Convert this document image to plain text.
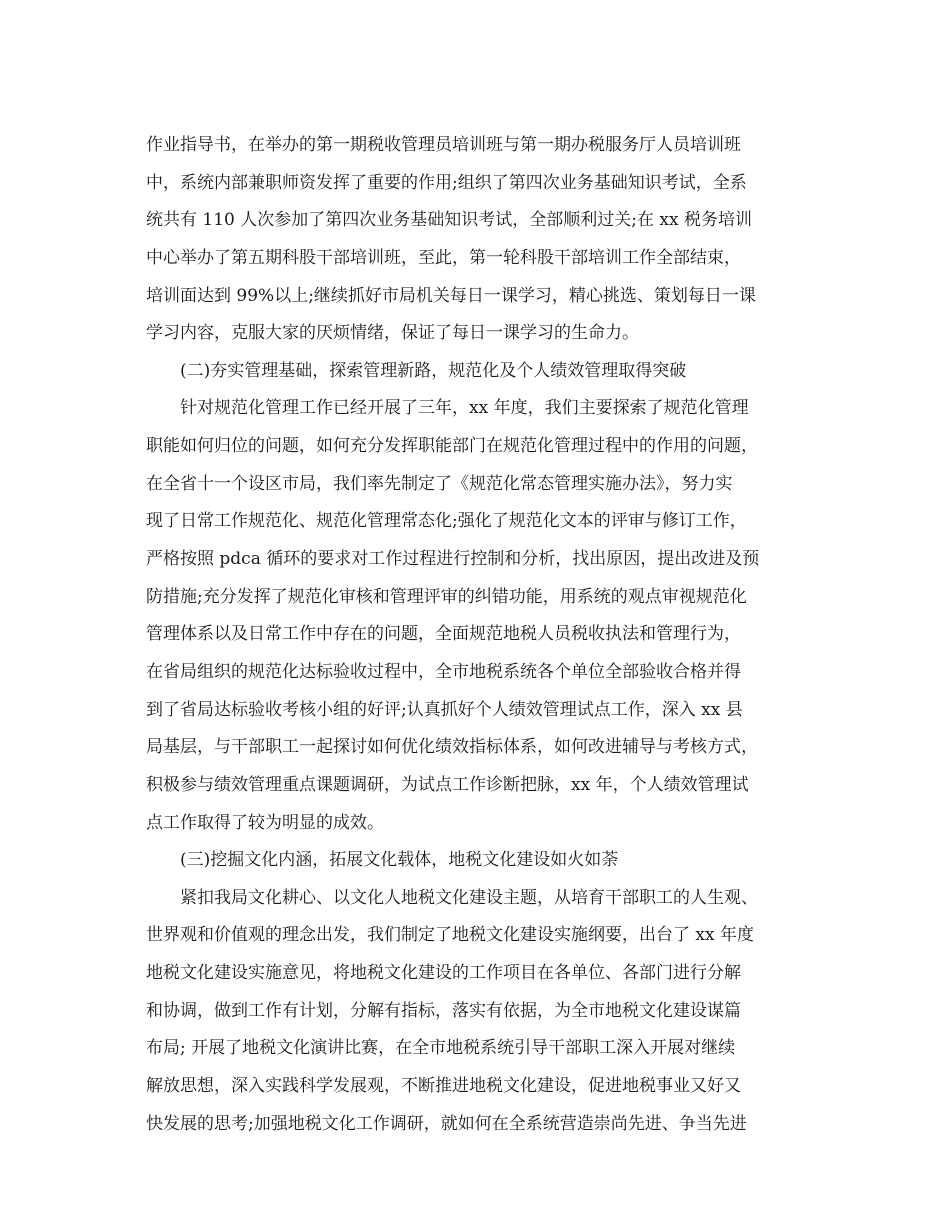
作业指导书，在举办的第一期税收管理员培训班与第一期办税服务厅人员培训班
中，系统内部兼职师资发挥了重要的作用;组织了第四次业务基础知识考试，全系
统共有 110 人次参加了第四次业务基础知识考试，全部顺利过关;在 xx 税务培训
中心举办了第五期科股干部培训班，至此，第一轮科股干部培训工作全部结束，
培训面达到 99%以上;继续抓好市局机关每日一课学习，精心挑选、策划每日一课
学习内容，克服大家的厌烦情绪，保证了每日一课学习的生命力。
(二)夯实管理基础，探索管理新路，规范化及个人绩效管理取得突破
针对规范化管理工作已经开展了三年，xx 年度，我们主要探索了规范化管理
职能如何归位的问题，如何充分发挥职能部门在规范化管理过程中的作用的问题，
在全省十一个设区市局，我们率先制定了《规范化常态管理实施办法》，努力实
现了日常工作规范化、规范化管理常态化;强化了规范化文本的评审与修订工作，
严格按照 pdca 循环的要求对工作过程进行控制和分析，找出原因，提出改进及预
防措施;充分发挥了规范化审核和管理评审的纠错功能，用系统的观点审视规范化
管理体系以及日常工作中存在的问题，全面规范地税人员税收执法和管理行为，
在省局组织的规范化达标验收过程中，全市地税系统各个单位全部验收合格并得
到了省局达标验收考核小组的好评;认真抓好个人绩效管理试点工作，深入 xx 县
局基层，与干部职工一起探讨如何优化绩效指标体系，如何改进辅导与考核方式，
积极参与绩效管理重点课题调研，为试点工作诊断把脉，xx 年，个人绩效管理试
点工作取得了较为明显的成效。
(三)挖掘文化内涵，拓展文化载体，地税文化建设如火如荼
紧扣我局文化耕心、以文化人地税文化建设主题，从培育干部职工的人生观、
世界观和价值观的理念出发，我们制定了地税文化建设实施纲要，出台了 xx 年度
地税文化建设实施意见，将地税文化建设的工作项目在各单位、各部门进行分解
和协调，做到工作有计划，分解有指标，落实有依据，为全市地税文化建设谋篇
布局; 开展了地税文化演讲比赛，在全市地税系统引导干部职工深入开展对继续
解放思想，深入实践科学发展观，不断推进地税文化建设，促进地税事业又好又
快发展的思考;加强地税文化工作调研，就如何在全系统营造崇尚先进、争当先进
